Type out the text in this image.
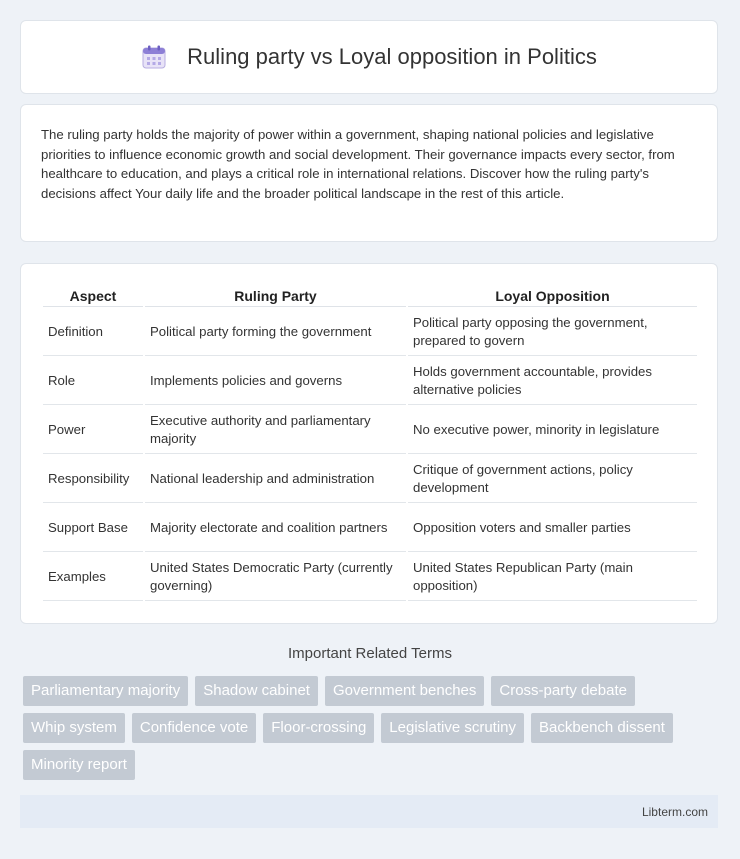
Ruling party vs Loyal opposition in Politics

The ruling party holds the majority of power within a government, shaping national policies and legislative priorities to influence economic growth and social development. Their governance impacts every sector, from healthcare to education, and plays a critical role in international relations. Discover how the ruling party's decisions affect Your daily life and the broader political landscape in the rest of this article.

Aspect	Ruling Party	Loyal Opposition
Definition	Political party forming the government	Political party opposing the government, prepared to govern
Role	Implements policies and governs	Holds government accountable, provides alternative policies
Power	Executive authority and parliamentary majority	No executive power, minority in legislature
Responsibility	National leadership and administration	Critique of government actions, policy development
Support Base	Majority electorate and coalition partners	Opposition voters and smaller parties
Examples	United States Democratic Party (currently governing)	United States Republican Party (main opposition)
Important Related Terms
Parliamentary majority	Shadow cabinet	Government benches	Cross-party debate
Whip system	Confidence vote	Floor-crossing	Legislative scrutiny	Backbench dissent
Minority report
Libterm.com
